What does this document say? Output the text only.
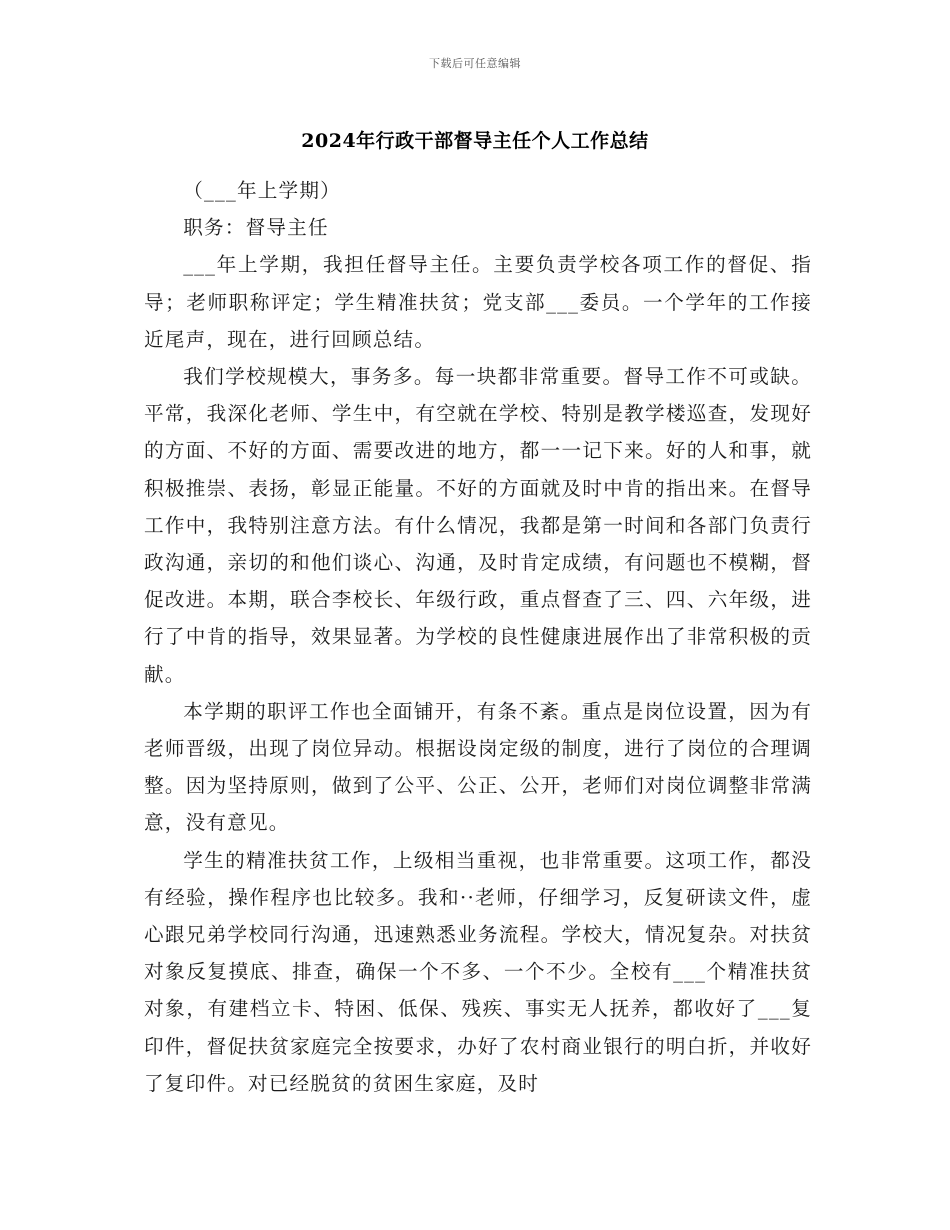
下载后可任意编辑
2024年行政干部督导主任个人工作总结

（___年上学期）

职务：督导主任

___年上学期，我担任督导主任。主要负责学校各项工作的督促、指导；老师职称评定；学生精准扶贫；党支部___委员。一个学年的工作接近尾声，现在，进行回顾总结。

我们学校规模大，事务多。每一块都非常重要。督导工作不可或缺。平常，我深化老师、学生中，有空就在学校、特别是教学楼巡查，发现好的方面、不好的方面、需要改进的地方，都一一记下来。好的人和事，就积极推崇、表扬，彰显正能量。不好的方面就及时中肯的指出来。在督导工作中，我特别注意方法。有什么情况，我都是第一时间和各部门负责行政沟通，亲切的和他们谈心、沟通，及时肯定成绩，有问题也不模糊，督促改进。本期，联合李校长、年级行政，重点督查了三、四、六年级，进行了中肯的指导，效果显著。为学校的良性健康进展作出了非常积极的贡献。

本学期的职评工作也全面铺开，有条不紊。重点是岗位设置，因为有老师晋级，出现了岗位异动。根据设岗定级的制度，进行了岗位的合理调整。因为坚持原则，做到了公平、公正、公开，老师们对岗位调整非常满意，没有意见。

学生的精准扶贫工作，上级相当重视，也非常重要。这项工作，都没有经验，操作程序也比较多。我和··老师，仔细学习，反复研读文件，虚心跟兄弟学校同行沟通，迅速熟悉业务流程。学校大，情况复杂。对扶贫对象反复摸底、排查，确保一个不多、一个不少。全校有___个精准扶贫对象，有建档立卡、特困、低保、残疾、事实无人抚养，都收好了___复印件，督促扶贫家庭完全按要求，办好了农村商业银行的明白折，并收好了复印件。对已经脱贫的贫困生家庭，及时
